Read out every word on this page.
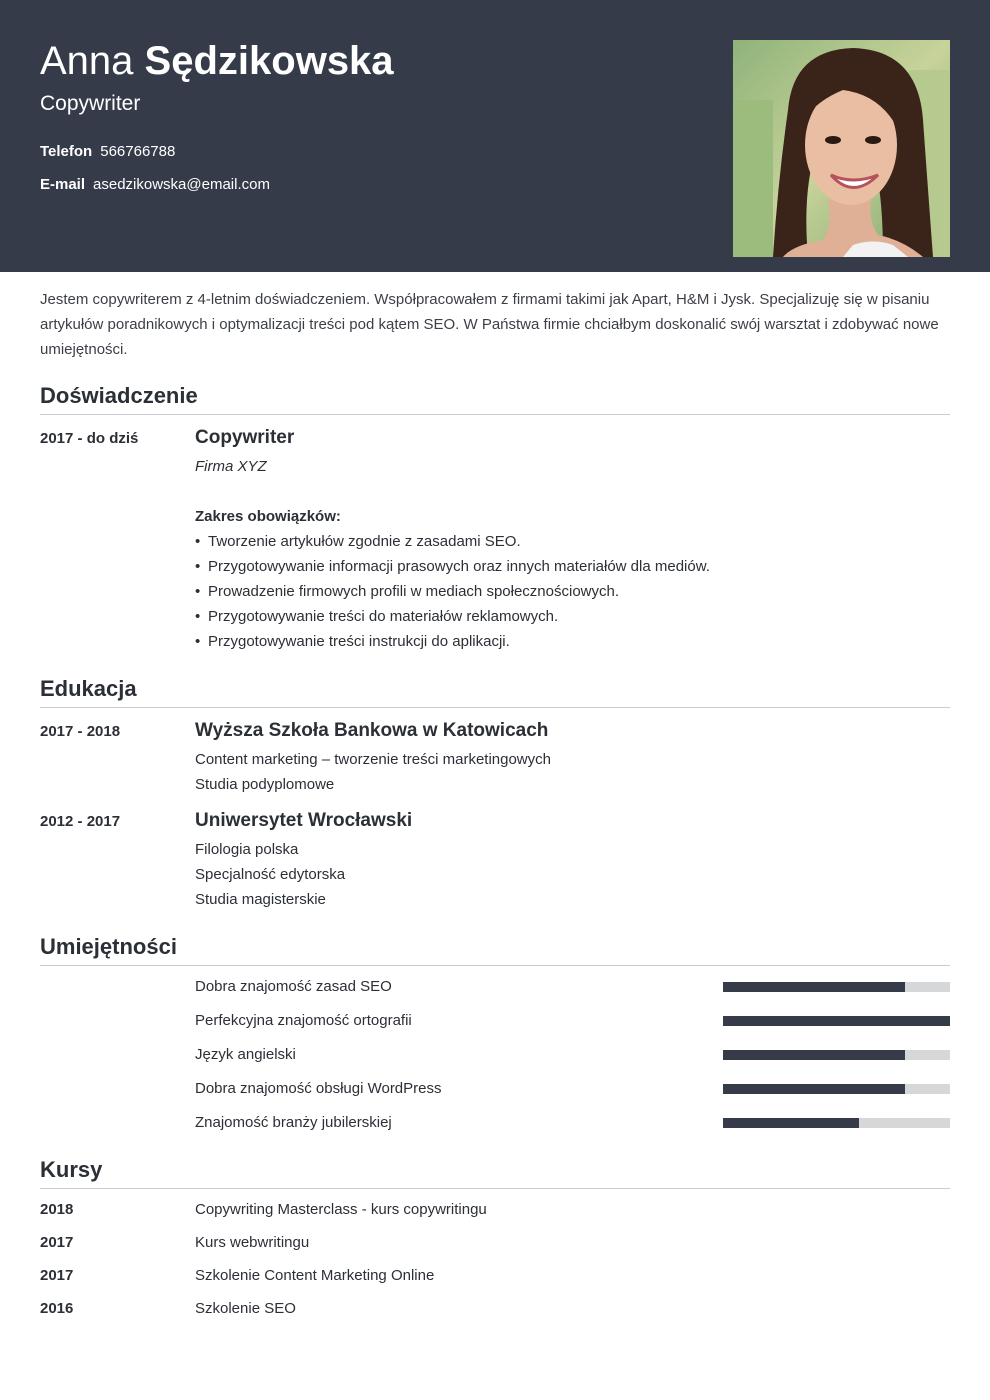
Anna Sędzikowska
Copywriter
Telefon 566766788
E-mail asedzikowska@email.com
Jestem copywriterem z 4-letnim doświadczeniem. Współpracowałem z firmami takimi jak Apart, H&M i Jysk. Specjalizuję się w pisaniu artykułów poradnikowych i optymalizacji treści pod kątem SEO. W Państwa firmie chciałbym doskonalić swój warsztat i zdobywać nowe umiejętności.
Doświadczenie
2017 - do dziś	Copywriter
Firma XYZ
Zakres obowiązków:
• Tworzenie artykułów zgodnie z zasadami SEO.
• Przygotowywanie informacji prasowych oraz innych materiałów dla mediów.
• Prowadzenie firmowych profili w mediach społecznościowych.
• Przygotowywanie treści do materiałów reklamowych.
• Przygotowywanie treści instrukcji do aplikacji.
Edukacja
2017 - 2018	Wyższa Szkoła Bankowa w Katowicach
Content marketing – tworzenie treści marketingowych
Studia podyplomowe
2012 - 2017	Uniwersytet Wrocławski
Filologia polska
Specjalność edytorska
Studia magisterskie
Umiejętności
Dobra znajomość zasad SEO
Perfekcyjna znajomość ortografii
Język angielski
Dobra znajomość obsługi WordPress
Znajomość branży jubilerskiej
Kursy
2018	Copywriting Masterclass - kurs copywritingu
2017	Kurs webwritingu
2017	Szkolenie Content Marketing Online
2016	Szkolenie SEO
